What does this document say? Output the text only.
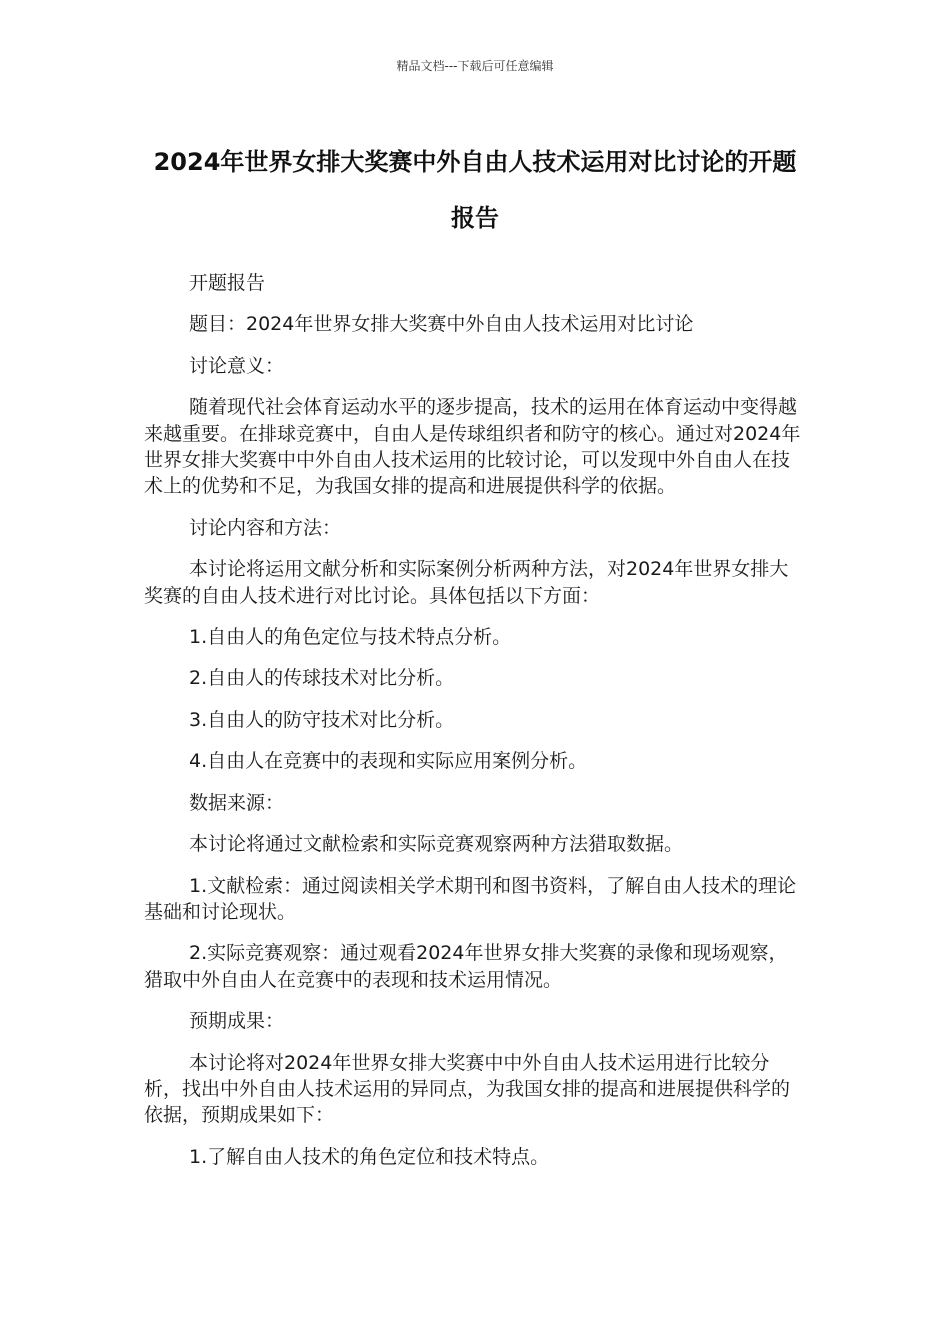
精品文档---下载后可任意编辑
2024年世界女排大奖赛中外自由人技术运用对比讨论的开题报告

开题报告

题目：2024年世界女排大奖赛中外自由人技术运用对比讨论

讨论意义：

随着现代社会体育运动水平的逐步提高，技术的运用在体育运动中变得越来越重要。在排球竞赛中，自由人是传球组织者和防守的核心。通过对2024年世界女排大奖赛中中外自由人技术运用的比较讨论，可以发现中外自由人在技术上的优势和不足，为我国女排的提高和进展提供科学的依据。

讨论内容和方法：

本讨论将运用文献分析和实际案例分析两种方法，对2024年世界女排大奖赛的自由人技术进行对比讨论。具体包括以下方面：

1.自由人的角色定位与技术特点分析。

2.自由人的传球技术对比分析。

3.自由人的防守技术对比分析。

4.自由人在竞赛中的表现和实际应用案例分析。

数据来源：

本讨论将通过文献检索和实际竞赛观察两种方法猎取数据。

1.文献检索：通过阅读相关学术期刊和图书资料，了解自由人技术的理论基础和讨论现状。

2.实际竞赛观察：通过观看2024年世界女排大奖赛的录像和现场观察，猎取中外自由人在竞赛中的表现和技术运用情况。

预期成果：

本讨论将对2024年世界女排大奖赛中中外自由人技术运用进行比较分析，找出中外自由人技术运用的异同点，为我国女排的提高和进展提供科学的依据，预期成果如下：

1.了解自由人技术的角色定位和技术特点。
